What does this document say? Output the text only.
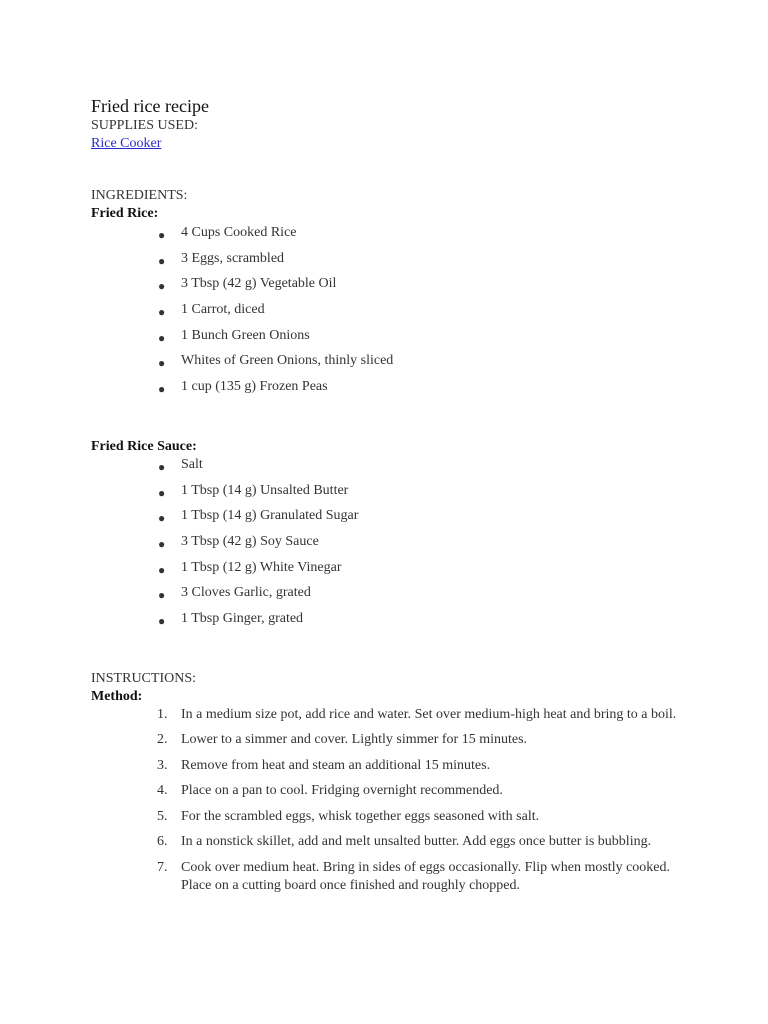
Fried rice recipe
SUPPLIES USED:
Rice Cooker
INGREDIENTS:
Fried Rice:
● 4 Cups Cooked Rice
● 3 Eggs, scrambled
● 3 Tbsp (42 g) Vegetable Oil
● 1 Carrot, diced
● 1 Bunch Green Onions
● Whites of Green Onions, thinly sliced
● 1 cup (135 g) Frozen Peas
Fried Rice Sauce:
● Salt
● 1 Tbsp (14 g) Unsalted Butter
● 1 Tbsp (14 g) Granulated Sugar
● 3 Tbsp (42 g) Soy Sauce
● 1 Tbsp (12 g) White Vinegar
● 3 Cloves Garlic, grated
● 1 Tbsp Ginger, grated
INSTRUCTIONS:
Method:
1. In a medium size pot, add rice and water. Set over medium-high heat and bring to a boil.
2. Lower to a simmer and cover. Lightly simmer for 15 minutes.
3. Remove from heat and steam an additional 15 minutes.
4. Place on a pan to cool. Fridging overnight recommended.
5. For the scrambled eggs, whisk together eggs seasoned with salt.
6. In a nonstick skillet, add and melt unsalted butter. Add eggs once butter is bubbling.
7. Cook over medium heat. Bring in sides of eggs occasionally. Flip when mostly cooked. Place on a cutting board once finished and roughly chopped.
